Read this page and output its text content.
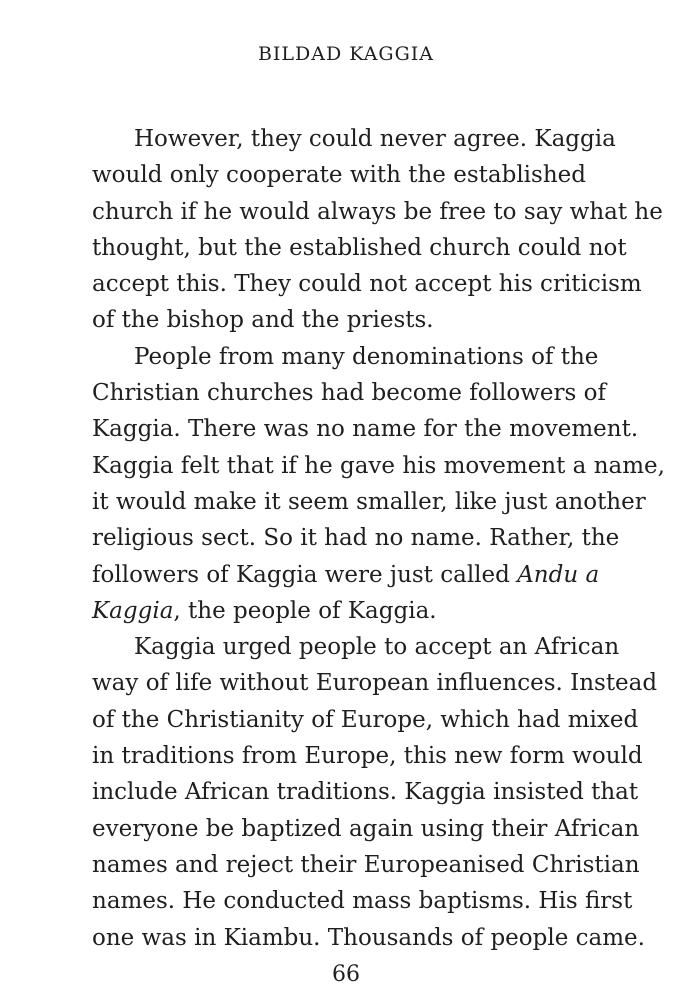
BILDAD KAGGIA
However, they could never agree. Kaggia
would only cooperate with the established
church if he would always be free to say what he
thought, but the established church could not
accept this. They could not accept his criticism
of the bishop and the priests.
People from many denominations of the
Christian churches had become followers of
Kaggia. There was no name for the movement.
Kaggia felt that if he gave his movement a name,
it would make it seem smaller, like just another
religious sect. So it had no name. Rather, the
followers of Kaggia were just called Andu a
Kaggia, the people of Kaggia.
Kaggia urged people to accept an African
way of life without European influences. Instead
of the Christianity of Europe, which had mixed
in traditions from Europe, this new form would
include African traditions. Kaggia insisted that
everyone be baptized again using their African
names and reject their Europeanised Christian
names. He conducted mass baptisms. His first
one was in Kiambu. Thousands of people came.
66
